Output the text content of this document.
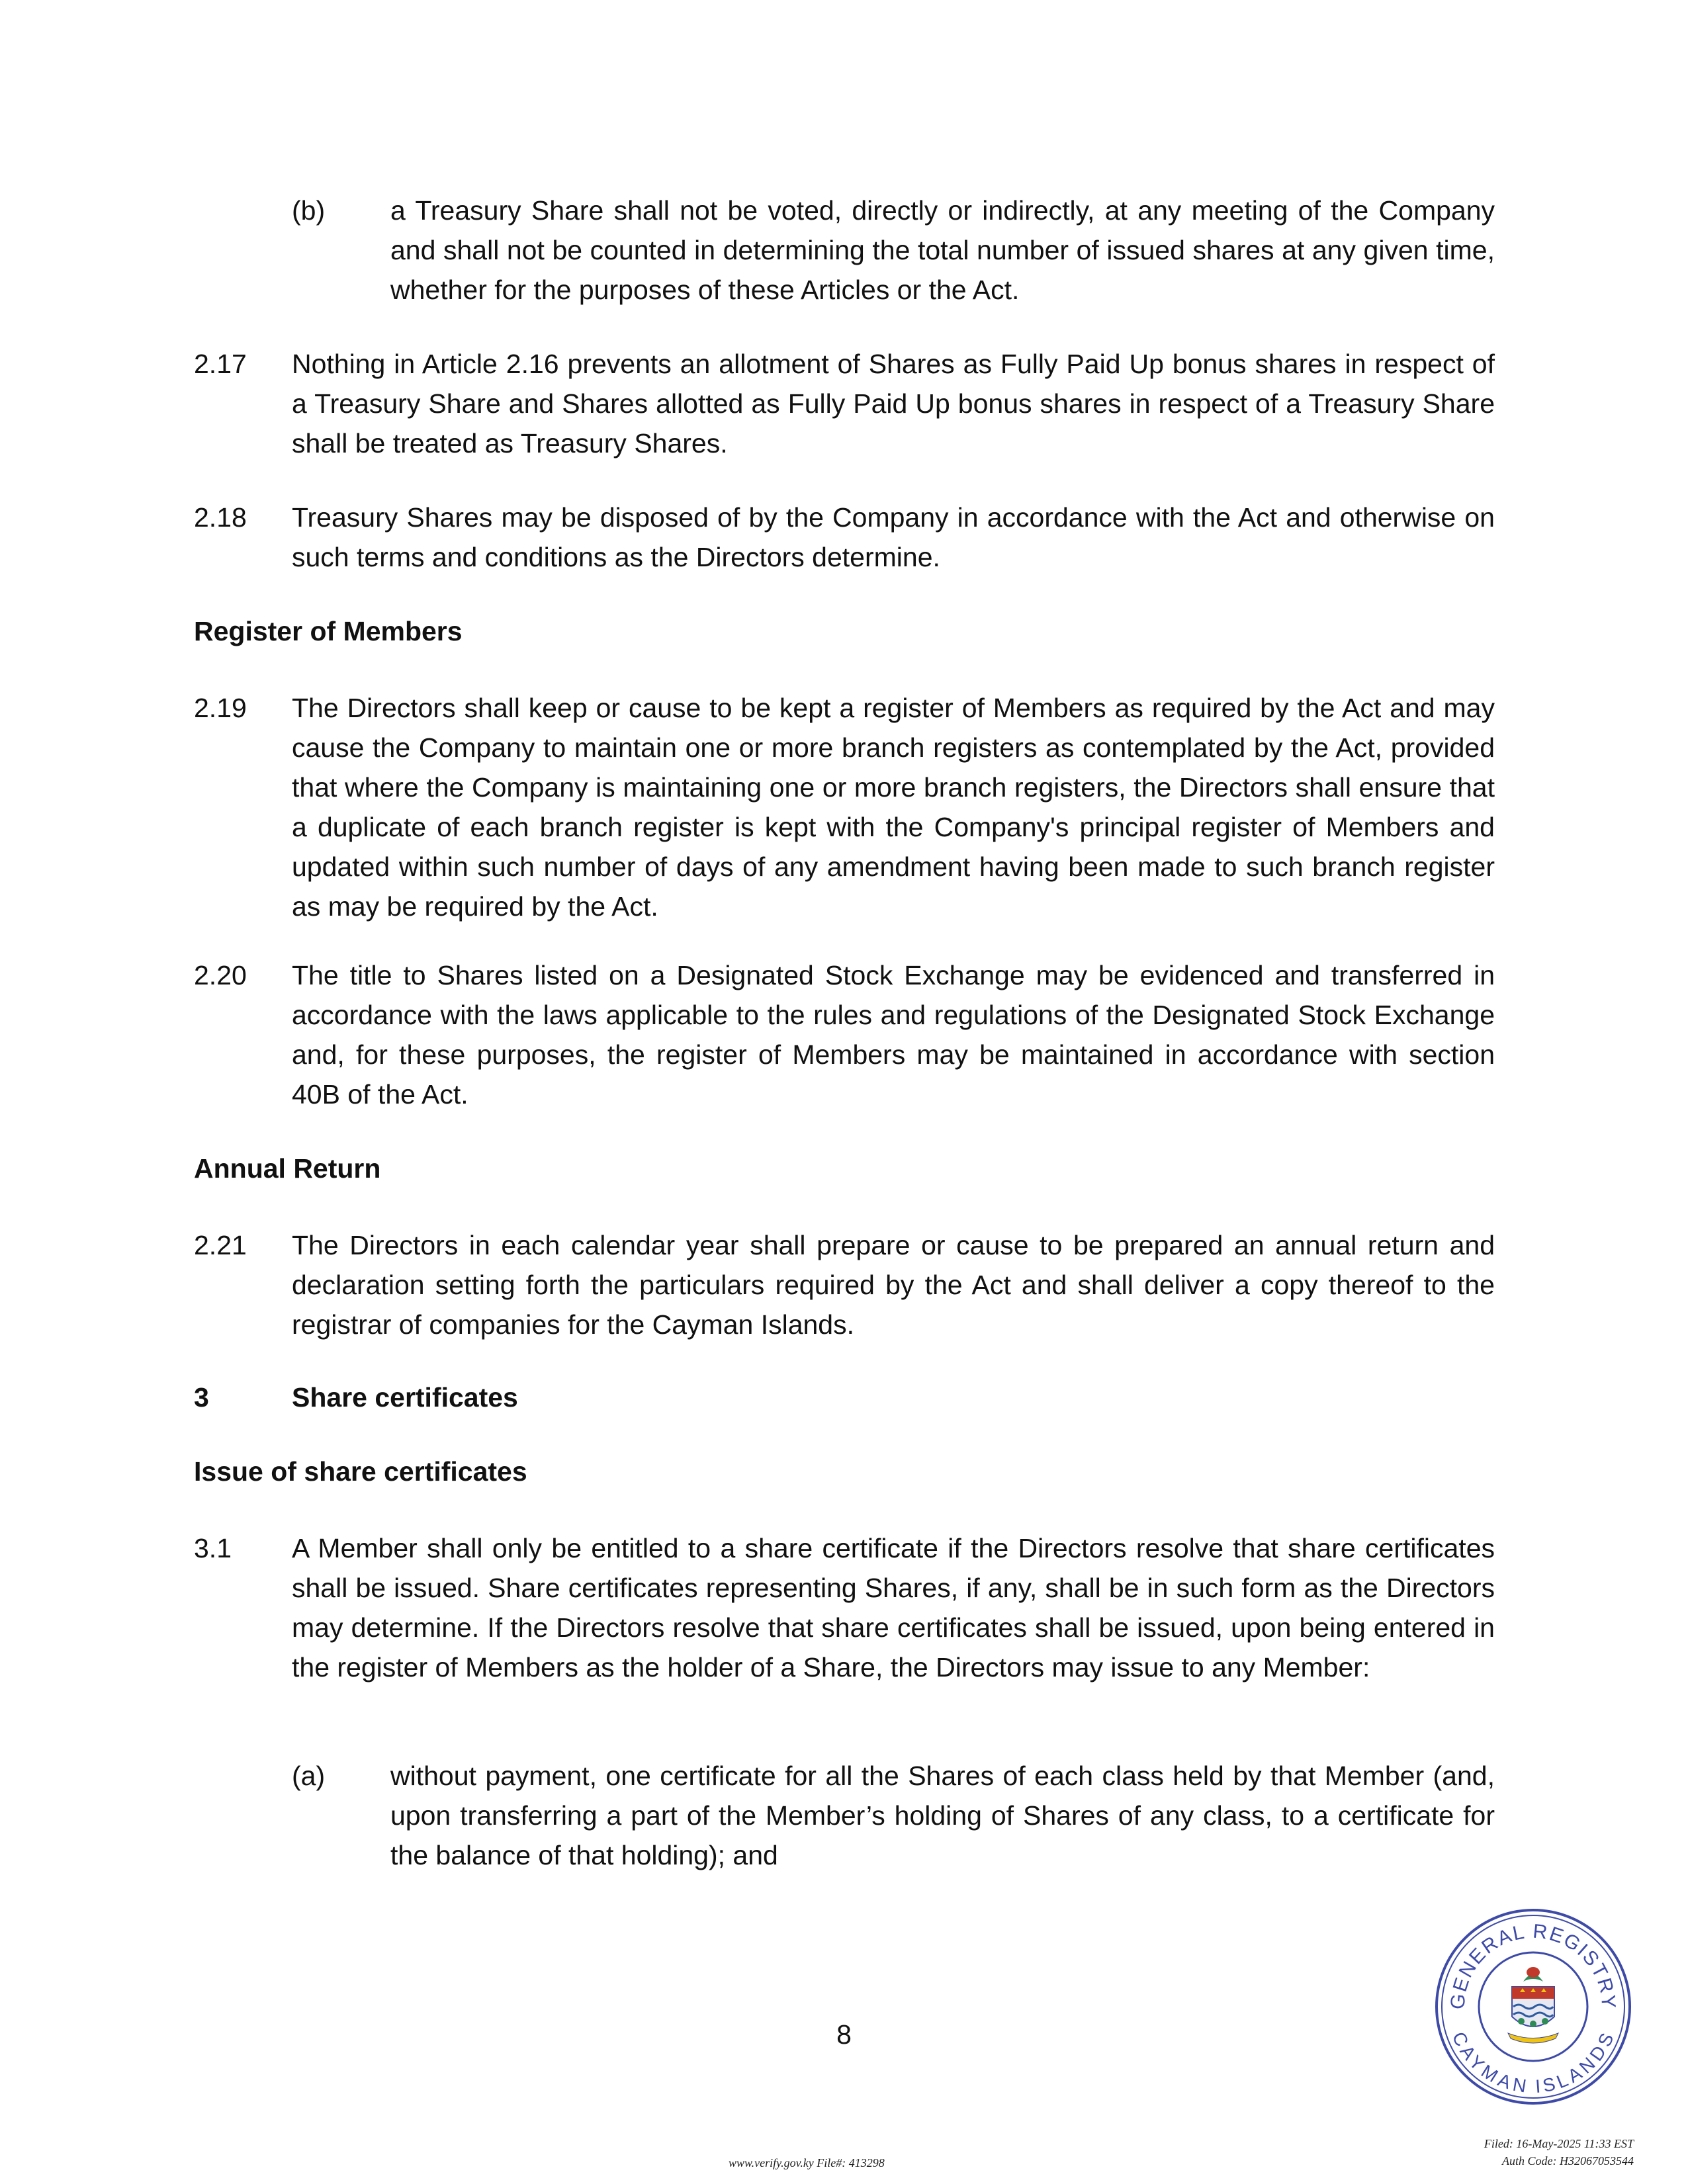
(b) a Treasury Share shall not be voted, directly or indirectly, at any meeting of the Company and shall not be counted in determining the total number of issued shares at any given time, whether for the purposes of these Articles or the Act.
2.17 Nothing in Article 2.16 prevents an allotment of Shares as Fully Paid Up bonus shares in respect of a Treasury Share and Shares allotted as Fully Paid Up bonus shares in respect of a Treasury Share shall be treated as Treasury Shares.
2.18 Treasury Shares may be disposed of by the Company in accordance with the Act and otherwise on such terms and conditions as the Directors determine.
Register of Members
2.19 The Directors shall keep or cause to be kept a register of Members as required by the Act and may cause the Company to maintain one or more branch registers as contemplated by the Act, provided that where the Company is maintaining one or more branch registers, the Directors shall ensure that a duplicate of each branch register is kept with the Company's principal register of Members and updated within such number of days of any amendment having been made to such branch register as may be required by the Act.
2.20 The title to Shares listed on a Designated Stock Exchange may be evidenced and transferred in accordance with the laws applicable to the rules and regulations of the Designated Stock Exchange and, for these purposes, the register of Members may be maintained in accordance with section 40B of the Act.
Annual Return
2.21 The Directors in each calendar year shall prepare or cause to be prepared an annual return and declaration setting forth the particulars required by the Act and shall deliver a copy thereof to the registrar of companies for the Cayman Islands.
3	Share certificates
Issue of share certificates
3.1 A Member shall only be entitled to a share certificate if the Directors resolve that share certificates shall be issued. Share certificates representing Shares, if any, shall be in such form as the Directors may determine. If the Directors resolve that share certificates shall be issued, upon being entered in the register of Members as the holder of a Share, the Directors may issue to any Member:
(a) without payment, one certificate for all the Shares of each class held by that Member (and, upon transferring a part of the Member’s holding of Shares of any class, to a certificate for the balance of that holding); and
8
GENERAL REGISTRY
CAYMAN ISLANDS
www.verify.gov.ky File#: 413298
Filed: 16-May-2025 11:33 EST
Auth Code: H32067053544
